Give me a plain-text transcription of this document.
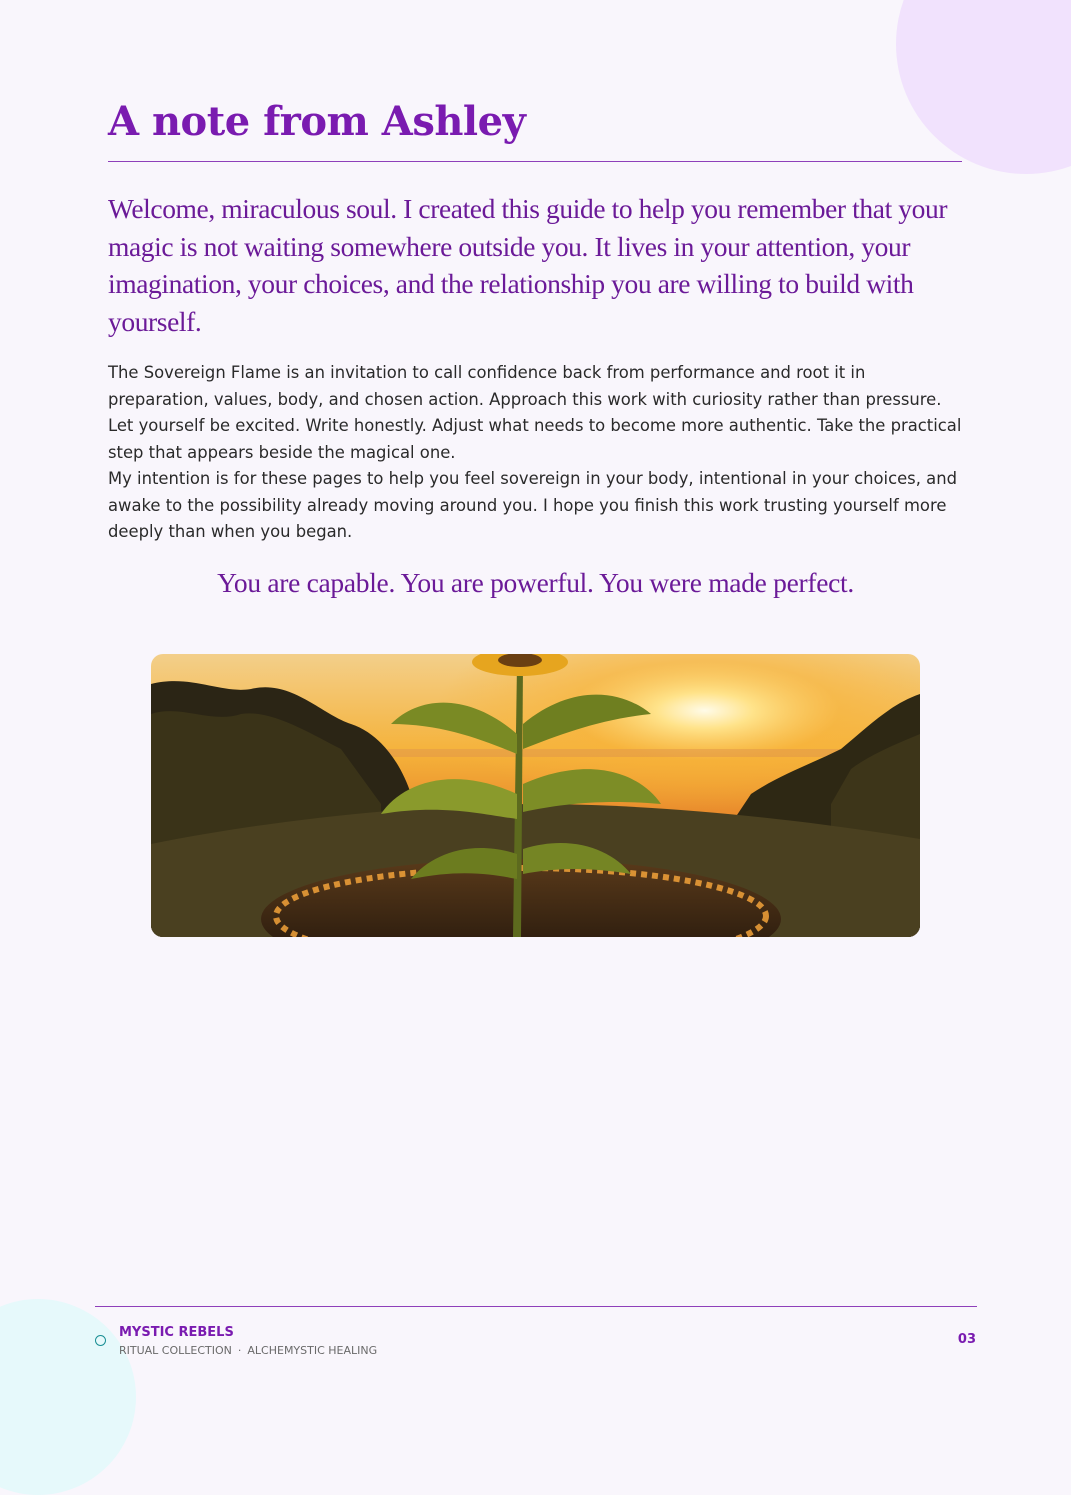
A note from Ashley

Welcome, miraculous soul. I created this guide to help you remember that your magic is not waiting somewhere outside you. It lives in your attention, your imagination, your choices, and the relationship you are willing to build with yourself.

The Sovereign Flame is an invitation to call confidence back from performance and root it in preparation, values, body, and chosen action. Approach this work with curiosity rather than pressure. Let yourself be excited. Write honestly. Adjust what needs to become more authentic. Take the practical step that appears beside the magical one.

My intention is for these pages to help you feel sovereign in your body, intentional in your choices, and awake to the possibility already moving around you. I hope you finish this work trusting yourself more deeply than when you began.

You are capable. You are powerful. You were made perfect.

MYSTIC REBELS
RITUAL COLLECTION · ALCHEMYSTIC HEALING
03
